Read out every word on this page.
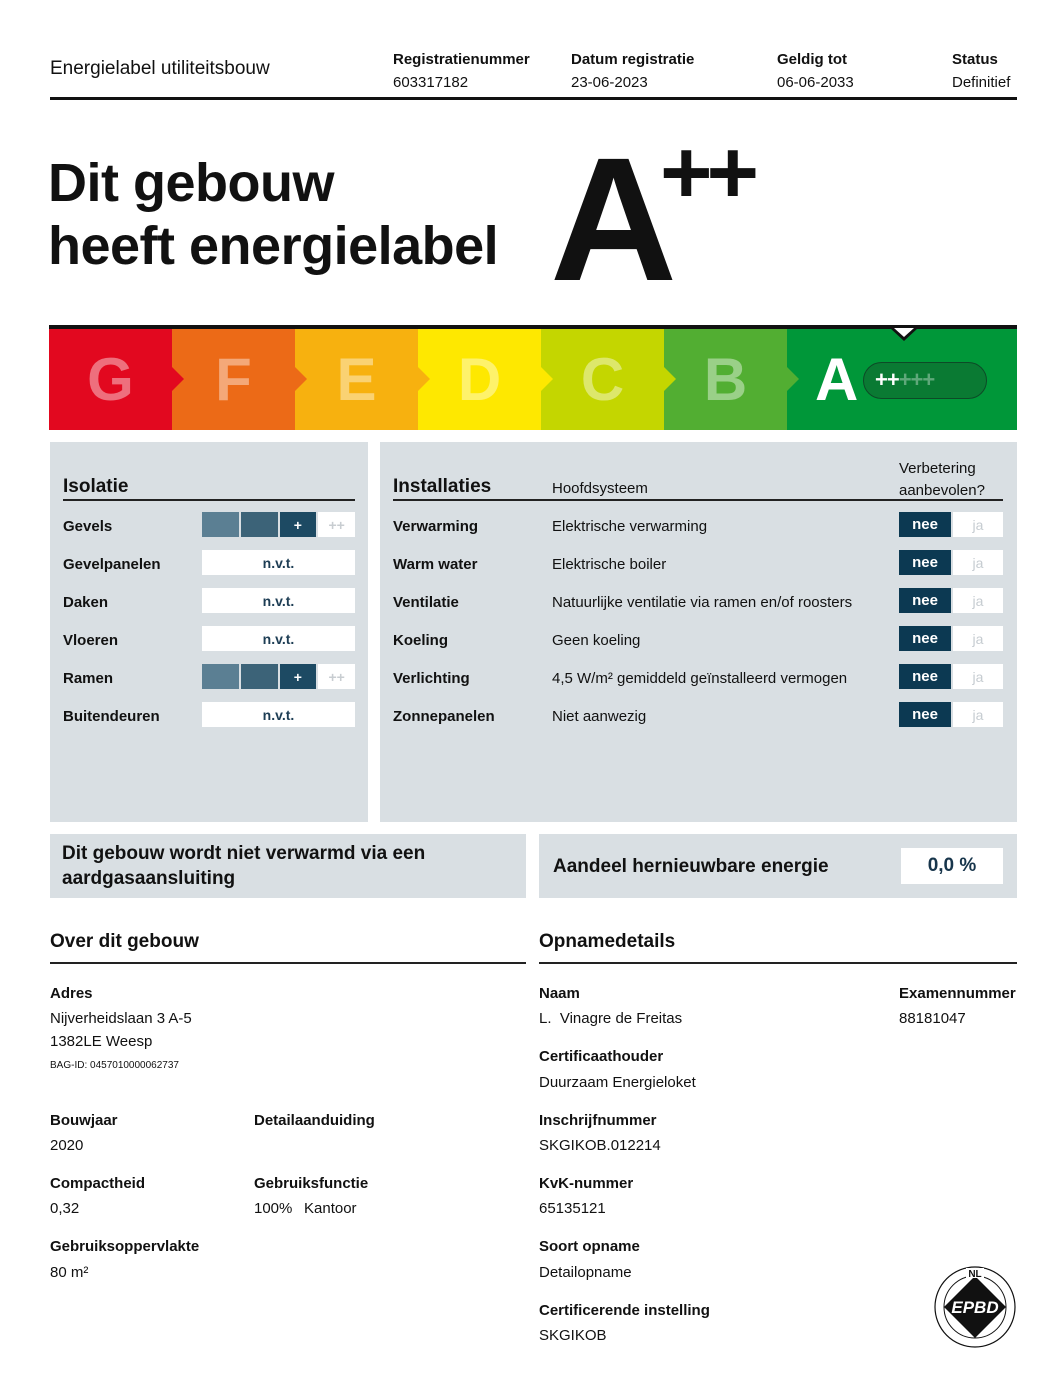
Energielabel utiliteitsbouw	Registratienummer
603317182
Datum registratie
23-06-2023
Geldig tot
06-06-2033
Status
Definitief
Dit gebouw
heeft energielabel A
++
G F E D C B A +++++
Isolatie
Gevels	+	++
Gevelpanelen	n.v.t.
Daken	n.v.t.
Vloeren	n.v.t.
Ramen	+	++
Buitendeuren	n.v.t.
Installaties	Hoofdsysteem
Verbetering
aanbevolen?
Verwarming	Elektrische verwarming	nee	ja
Warm water	Elektrische boiler	nee	ja
Ventilatie	Natuurlijke ventilatie via ramen en/of roosters	nee	ja
Koeling	Geen koeling	nee	ja
Verlichting	4,5 W/m² gemiddeld geïnstalleerd vermogen	nee	ja
Zonnepanelen	Niet aanwezig	nee	ja
Dit gebouw wordt niet verwarmd via een
aardgasaansluiting
Aandeel hernieuwbare energie	0,0 %
Over dit gebouw
Adres
Nijverheidslaan 3 A-5
1382LE Weesp
BAG-ID: 0457010000062737
Bouwjaar
2020
Detailaanduiding
Compactheid
0,32
Gebruiksfunctie
100% Kantoor
Gebruiksoppervlakte
80 m²
Opnamedetails
Naam
L.  Vinagre de Freitas
Examennummer
88181047
Certificaathouder
Duurzaam Energieloket
Inschrijfnummer
SKGIKOB.012214
KvK-nummer
65135121
Soort opname
Detailopname
Certificerende instelling
SKGIKOB
EPBD
NL
